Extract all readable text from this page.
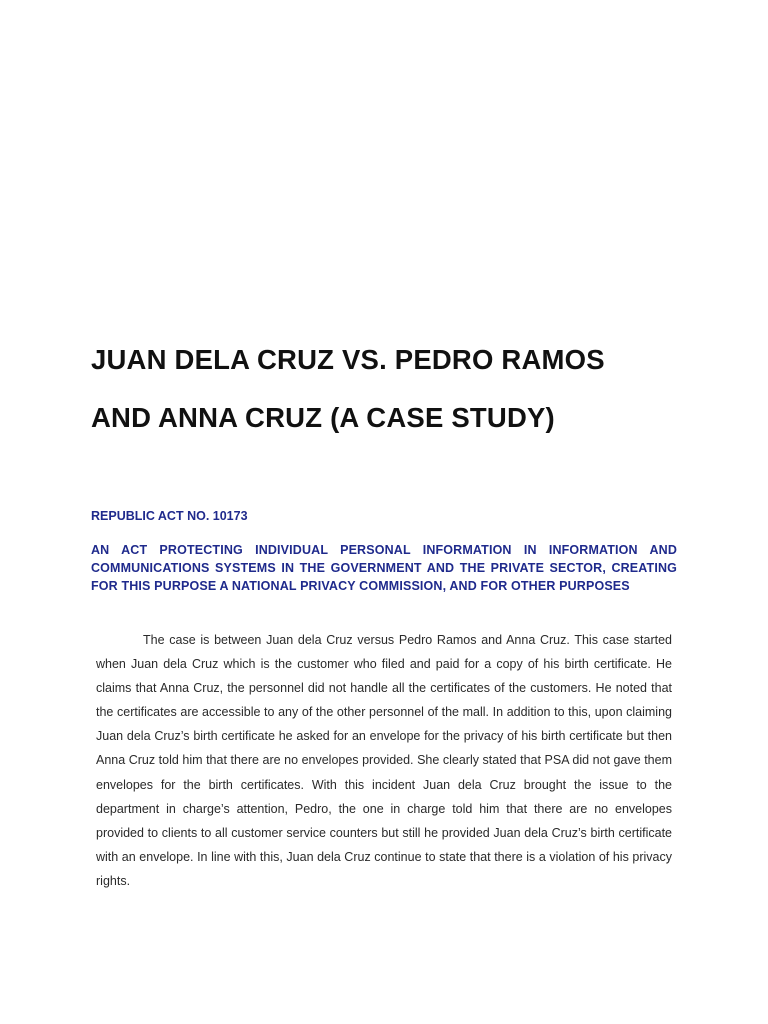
JUAN DELA CRUZ VS. PEDRO RAMOS
AND ANNA CRUZ (A CASE STUDY)
REPUBLIC ACT NO. 10173
AN ACT PROTECTING INDIVIDUAL PERSONAL INFORMATION IN INFORMATION AND COMMUNICATIONS SYSTEMS IN THE GOVERNMENT AND THE PRIVATE SECTOR, CREATING FOR THIS PURPOSE A NATIONAL PRIVACY COMMISSION, AND FOR OTHER PURPOSES

The case is between Juan dela Cruz versus Pedro Ramos and Anna Cruz. This case started when Juan dela Cruz which is the customer who filed and paid for a copy of his birth certificate. He claims that Anna Cruz, the personnel did not handle all the certificates of the customers. He noted that the certificates are accessible to any of the other personnel of the mall. In addition to this, upon claiming Juan dela Cruz’s birth certificate he asked for an envelope for the privacy of his birth certificate but then Anna Cruz told him that there are no envelopes provided. She clearly stated that PSA did not gave them envelopes for the birth certificates. With this incident Juan dela Cruz brought the issue to the department in charge’s attention, Pedro, the one in charge told him that there are no envelopes provided to clients to all customer service counters but still he provided Juan dela Cruz’s birth certificate with an envelope. In line with this, Juan dela Cruz continue to state that there is a violation of his privacy rights.
